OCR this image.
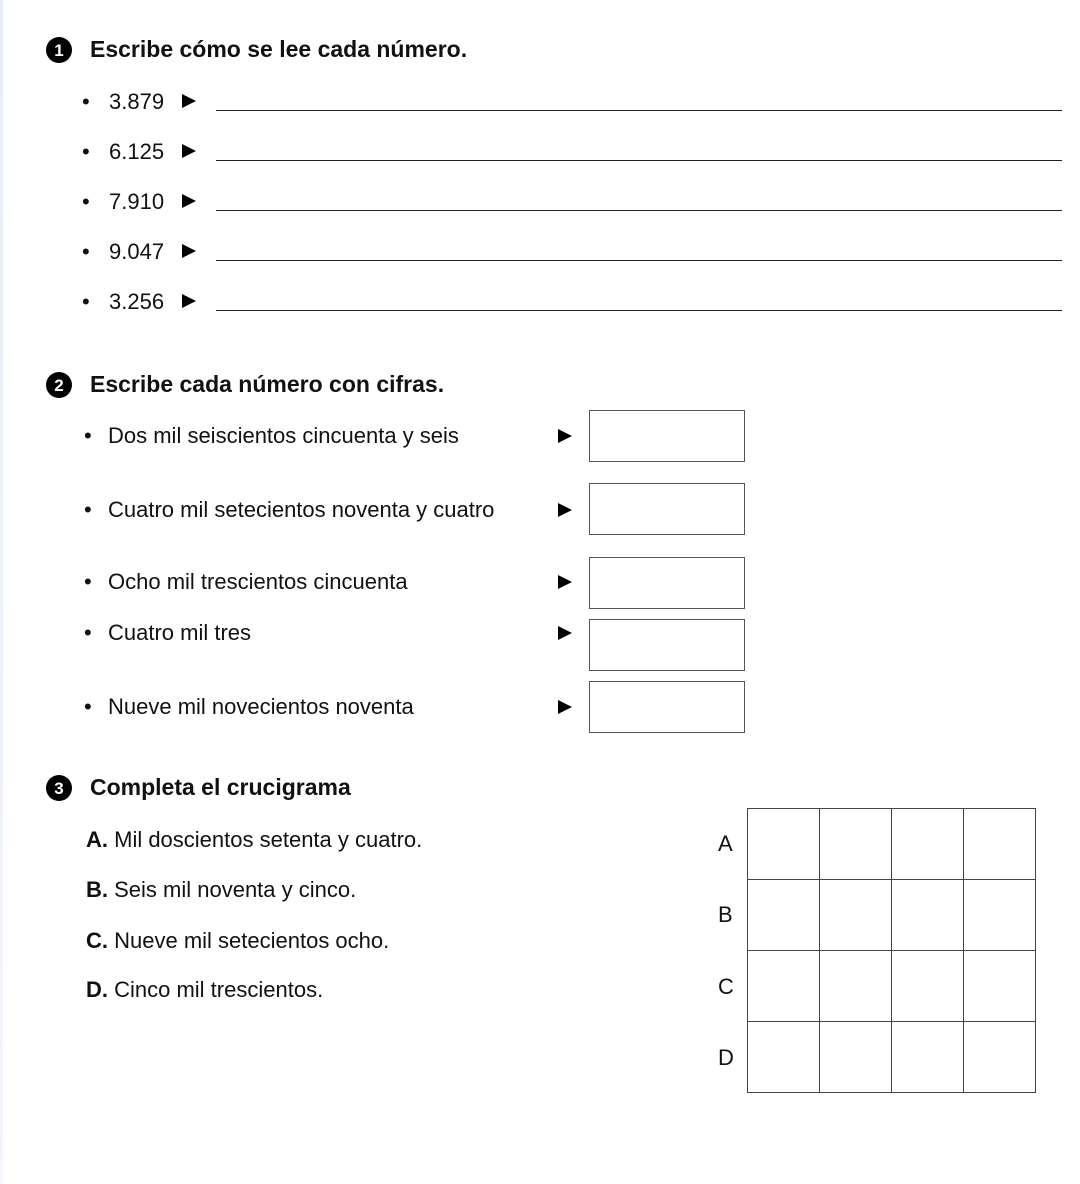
1	Escribe cómo se lee cada número.
• 3.879
• 6.125
• 7.910
• 9.047
• 3.256
2	Escribe cada número con cifras.
• Dos mil seiscientos cincuenta y seis
• Cuatro mil setecientos noventa y cuatro
• Ocho mil trescientos cincuenta
• Cuatro mil tres
• Nueve mil novecientos noventa
3	Completa el crucigrama
A. Mil doscientos setenta y cuatro.
B. Seis mil noventa y cinco.
C. Nueve mil setecientos ocho.
D. Cinco mil trescientos.
A
B
C
D
